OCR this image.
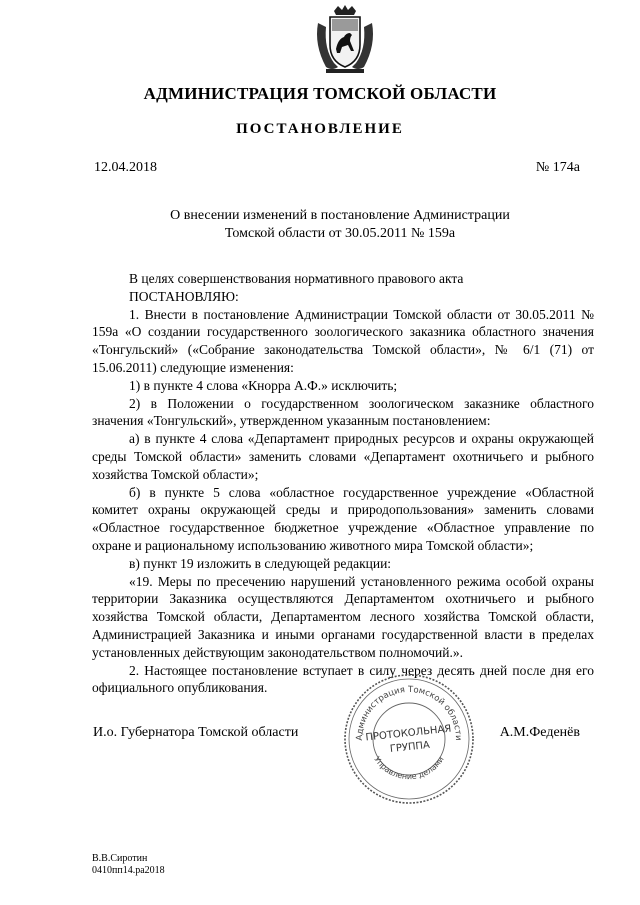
АДМИНИСТРАЦИЯ ТОМСКОЙ ОБЛАСТИ
ПОСТАНОВЛЕНИЕ
12.04.2018	№ 174а
О внесении изменений в постановление Администрации
Томской области от 30.05.2011 № 159а

В целях совершенствования нормативного правового акта

ПОСТАНОВЛЯЮ:

1. Внести в постановление Администрации Томской области от 30.05.2011 № 159а «О создании государственного зоологического заказника областного значения «Тонгульский» («Собрание законодательства Томской области», № 6/1 (71) от 15.06.2011) следующие изменения:

1) в пункте 4 слова «Кнорра А.Ф.» исключить;

2) в Положении о государственном зоологическом заказнике областного значения «Тонгульский», утвержденном указанным постановлением:

а) в пункте 4 слова «Департамент природных ресурсов и охраны окружающей среды Томской области» заменить словами «Департамент охотничьего и рыбного хозяйства Томской области»;

б) в пункте 5 слова «областное государственное учреждение «Областной комитет охраны окружающей среды и природопользования» заменить словами «Областное государственное бюджетное учреждение «Областное управление по охране и рациональному использованию животного мира Томской области»;

в) пункт 19 изложить в следующей редакции:

«19. Меры по пресечению нарушений установленного режима особой охраны территории Заказника осуществляются Департаментом охотничьего и рыбного хозяйства Томской области, Департаментом лесного хозяйства Томской области, Администрацией Заказника и иными органами государственной власти в пределах установленных действующим законодательством полномочий.».

2. Настоящее постановление вступает в силу через десять дней после дня его официального опубликования.

Администрация Томской области
Управление делами
ПРОТОКОЛЬНАЯ
ГРУППА
И.о. Губернатора Томской области	А.М.Феденёв
В.В.Сиротин
0410пп14.ра2018
